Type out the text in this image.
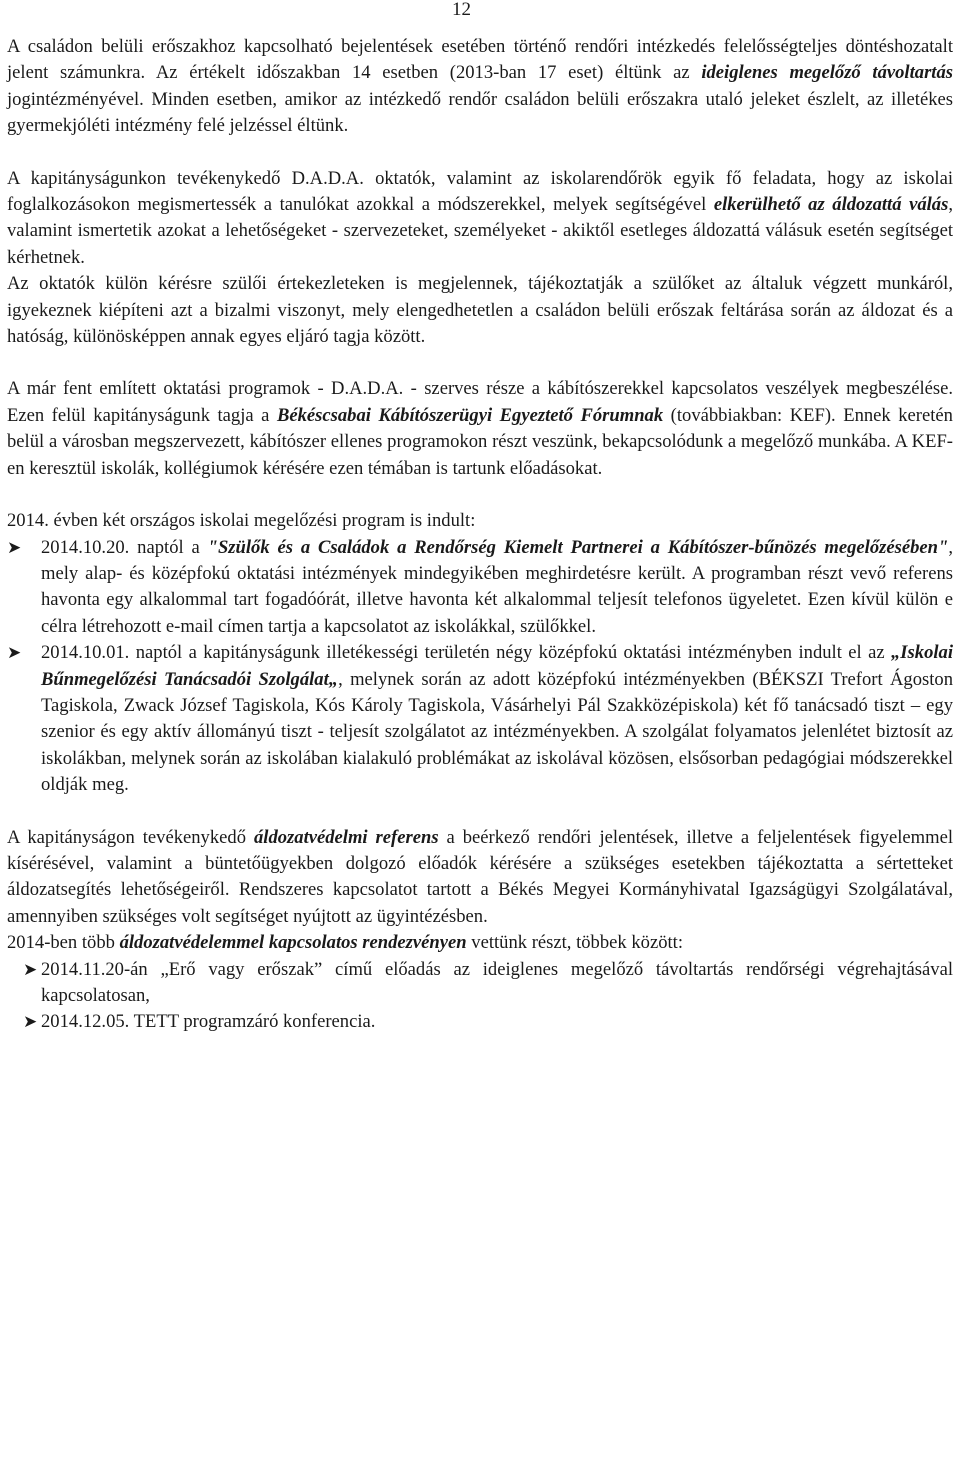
12

A családon belüli erőszakhoz kapcsolható bejelentések esetében történő rendőri intézkedés felelősségteljes döntéshozatalt jelent számunkra. Az értékelt időszakban 14 esetben (2013-ban 17 eset) éltünk az ideiglenes megelőző távoltartás jogintézményével. Minden esetben, amikor az intézkedő rendőr családon belüli erőszakra utaló jeleket észlelt, az illetékes gyermekjóléti intézmény felé jelzéssel éltünk.

A kapitányságunkon tevékenykedő D.A.D.A. oktatók, valamint az iskolarendőrök egyik fő feladata, hogy az iskolai foglalkozásokon megismertessék a tanulókat azokkal a módszerekkel, melyek segítségével elkerülhető az áldozattá válás, valamint ismertetik azokat a lehetőségeket - szervezeteket, személyeket - akiktől esetleges áldozattá válásuk esetén segítséget kérhetnek.

Az oktatók külön kérésre szülői értekezleteken is megjelennek, tájékoztatják a szülőket az általuk végzett munkáról, igyekeznek kiépíteni azt a bizalmi viszonyt, mely elengedhetetlen a családon belüli erőszak feltárása során az áldozat és a hatóság, különösképpen annak egyes eljáró tagja között.

A már fent említett oktatási programok - D.A.D.A. - szerves része a kábítószerekkel kapcsolatos veszélyek megbeszélése. Ezen felül kapitányságunk tagja a Békéscsabai Kábítószerügyi Egyeztető Fórumnak (továbbiakban: KEF). Ennek keretén belül a városban megszervezett, kábítószer ellenes programokon részt veszünk, bekapcsolódunk a megelőző munkába. A KEF-en keresztül iskolák, kollégiumok kérésére ezen témában is tartunk előadásokat.

2014. évben két országos iskolai megelőzési program is indult:

➤	2014.10.20. naptól a "Szülők és a Családok a Rendőrség Kiemelt Partnerei a Kábítószer-bűnözés megelőzésében", mely alap- és középfokú oktatási intézmények mindegyikében meghirdetésre került. A programban részt vevő referens havonta egy alkalommal tart fogadóórát, illetve havonta két alkalommal teljesít telefonos ügyeletet. Ezen kívül külön e célra létrehozott e-mail címen tartja a kapcsolatot az iskolákkal, szülőkkel.
➤	2014.10.01. naptól a kapitányságunk illetékességi területén négy középfokú oktatási intézményben indult el az „Iskolai Bűnmegelőzési Tanácsadói Szolgálat„, melynek során az adott középfokú intézményekben (BÉKSZI Trefort Ágoston Tagiskola, Zwack József Tagiskola, Kós Károly Tagiskola, Vásárhelyi Pál Szakközépiskola) két fő tanácsadó tiszt – egy szenior és egy aktív állományú tiszt - teljesít szolgálatot az intézményekben. A szolgálat folyamatos jelenlétet biztosít az iskolákban, melynek során az iskolában kialakuló problémákat az iskolával közösen, elsősorban pedagógiai módszerekkel oldják meg.

A kapitányságon tevékenykedő áldozatvédelmi referens a beérkező rendőri jelentések, illetve a feljelentések figyelemmel kísérésével, valamint a büntetőügyekben dolgozó előadók kérésére a szükséges esetekben tájékoztatta a sértetteket áldozatsegítés lehetőségeiről. Rendszeres kapcsolatot tartott a Békés Megyei Kormányhivatal Igazságügyi Szolgálatával, amennyiben szükséges volt segítséget nyújtott az ügyintézésben.

2014-ben több áldozatvédelemmel kapcsolatos rendezvényen vettünk részt, többek között:

➤ 2014.11.20-án „Erő vagy erőszak” című előadás az ideiglenes megelőző távoltartás rendőrségi végrehajtásával kapcsolatosan,
➤ 2014.12.05. TETT programzáró konferencia.
